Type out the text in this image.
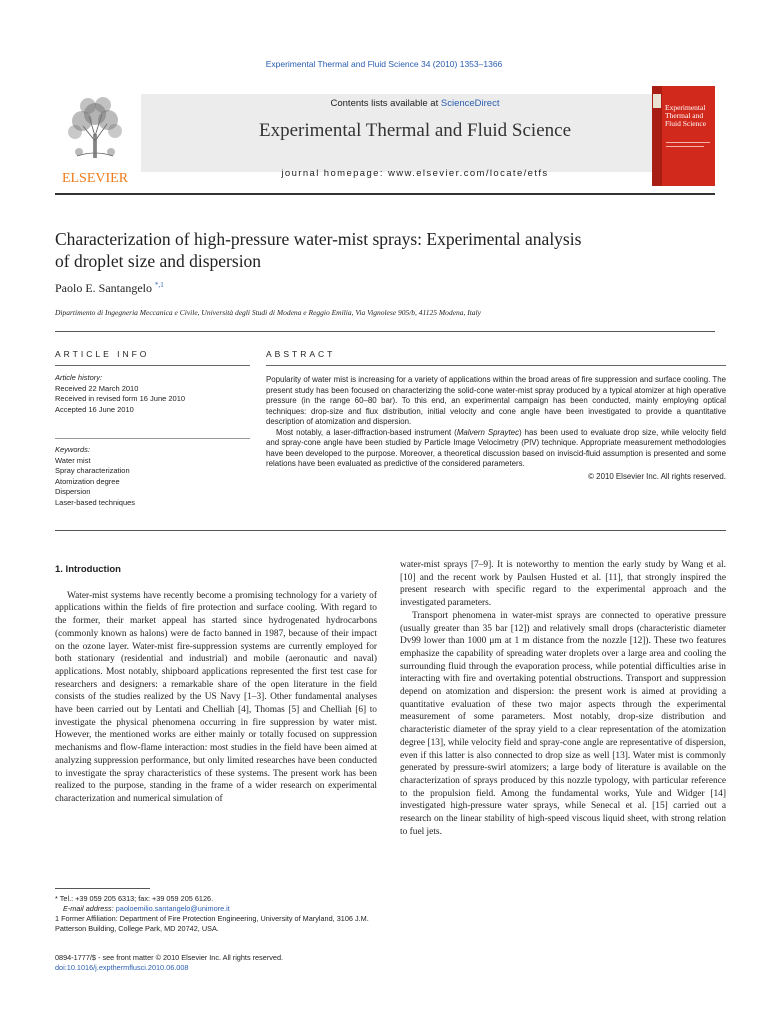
Experimental Thermal and Fluid Science 34 (2010) 1353–1366
ELSEVIER
Contents lists available at ScienceDirect
Experimental Thermal and Fluid Science
journal homepage: www.elsevier.com/locate/etfs
Experimental
Thermal and
Fluid Science
Characterization of high-pressure water-mist sprays: Experimental analysis
of droplet size and dispersion
Paolo E. Santangelo $^{*,1}$
Dipartimento di Ingegneria Meccanica e Civile, Università degli Studi di Modena e Reggio Emilia, Via Vignolese 905/b, 41125 Modena, Italy
ARTICLE INFO	ABSTRACT
Article history:
Received 22 March 2010
Received in revised form 16 June 2010
Accepted 16 June 2010
Keywords:
Water mist
Spray characterization
Atomization degree
Dispersion
Laser-based techniques

Popularity of water mist is increasing for a variety of applications within the broad areas of fire suppression and surface cooling. The present study has been focused on characterizing the solid-cone water-mist spray produced by a typical atomizer at high operative pressure (in the range 60–80 bar). To this end, an experimental campaign has been conducted, mainly employing optical techniques: drop-size and flux distribution, initial velocity and cone angle have been investigated to provide a quantitative description of atomization and dispersion.

Most notably, a laser-diffraction-based instrument (Malvern Spraytec) has been used to evaluate drop size, while velocity field and spray-cone angle have been studied by Particle Image Velocimetry (PIV) technique. Appropriate measurement methodologies have been developed to the purpose. Moreover, a theoretical discussion based on inviscid-fluid assumption is presented and some relations have been evaluated as predictive of the considered parameters.

© 2010 Elsevier Inc. All rights reserved.

1. Introduction

Water-mist systems have recently become a promising technology for a variety of applications within the fields of fire protection and surface cooling. With regard to the former, their market appeal has started since hydrogenated hydrocarbons (commonly known as halons) were de facto banned in 1987, because of their impact on the ozone layer. Water-mist fire-suppression systems are currently employed for both stationary (residential and industrial) and mobile (aeronautic and naval) applications. Most notably, shipboard applications represented the first test case for researchers and designers: a remarkable share of the open literature in the field consists of the studies realized by the US Navy [1–3]. Other fundamental analyses have been carried out by Lentati and Chelliah [4], Thomas [5] and Chelliah [6] to investigate the physical phenomena occurring in fire suppression by water mist. However, the mentioned works are either mainly or totally focused on suppression mechanisms and flow-flame interaction: most studies in the field have been aimed at analyzing suppression performance, but only limited researches have been conducted to investigate the spray characteristics of these systems. The present work has been realized to the purpose, standing in the frame of a wider research on experimental characterization and numerical simulation of

water-mist sprays [7–9]. It is noteworthy to mention the early study by Wang et al. [10] and the recent work by Paulsen Husted et al. [11], that strongly inspired the present research with specific regard to the experimental approach and the investigated parameters.

Transport phenomena in water-mist sprays are connected to operative pressure (usually greater than 35 bar [12]) and relatively small drops (characteristic diameter Dv99 lower than 1000 μm at 1 m distance from the nozzle [12]). These two features emphasize the capability of spreading water droplets over a large area and cooling the surrounding fluid through the evaporation process, while potential difficulties arise in interacting with fire and overtaking potential obstructions. Transport and suppression depend on atomization and dispersion: the present work is aimed at providing a quantitative evaluation of these two major aspects through the experimental measurement of some parameters. Most notably, drop-size distribution and characteristic diameter of the spray yield to a clear representation of the atomization degree [13], while velocity field and spray-cone angle are representative of dispersion, even if this latter is also connected to drop size as well [13]. Water mist is commonly generated by pressure-swirl atomizers; a large body of literature is available on the characterization of sprays produced by this nozzle typology, with particular reference to the propulsion field. Among the fundamental works, Yule and Widger [14] investigated high-pressure water sprays, while Senecal et al. [15] carried out a research on the linear stability of high-speed viscous liquid sheet, with strong relation to fuel jets.

* Tel.: +39 059 205 6313; fax: +39 059 205 6126.

E-mail address: paoloemilio.santangelo@unimore.it

1 Former Affiliation: Department of Fire Protection Engineering, University of Maryland, 3106 J.M. Patterson Building, College Park, MD 20742, USA.

0894-1777/$ - see front matter © 2010 Elsevier Inc. All rights reserved.
doi:10.1016/j.expthermflusci.2010.06.008
